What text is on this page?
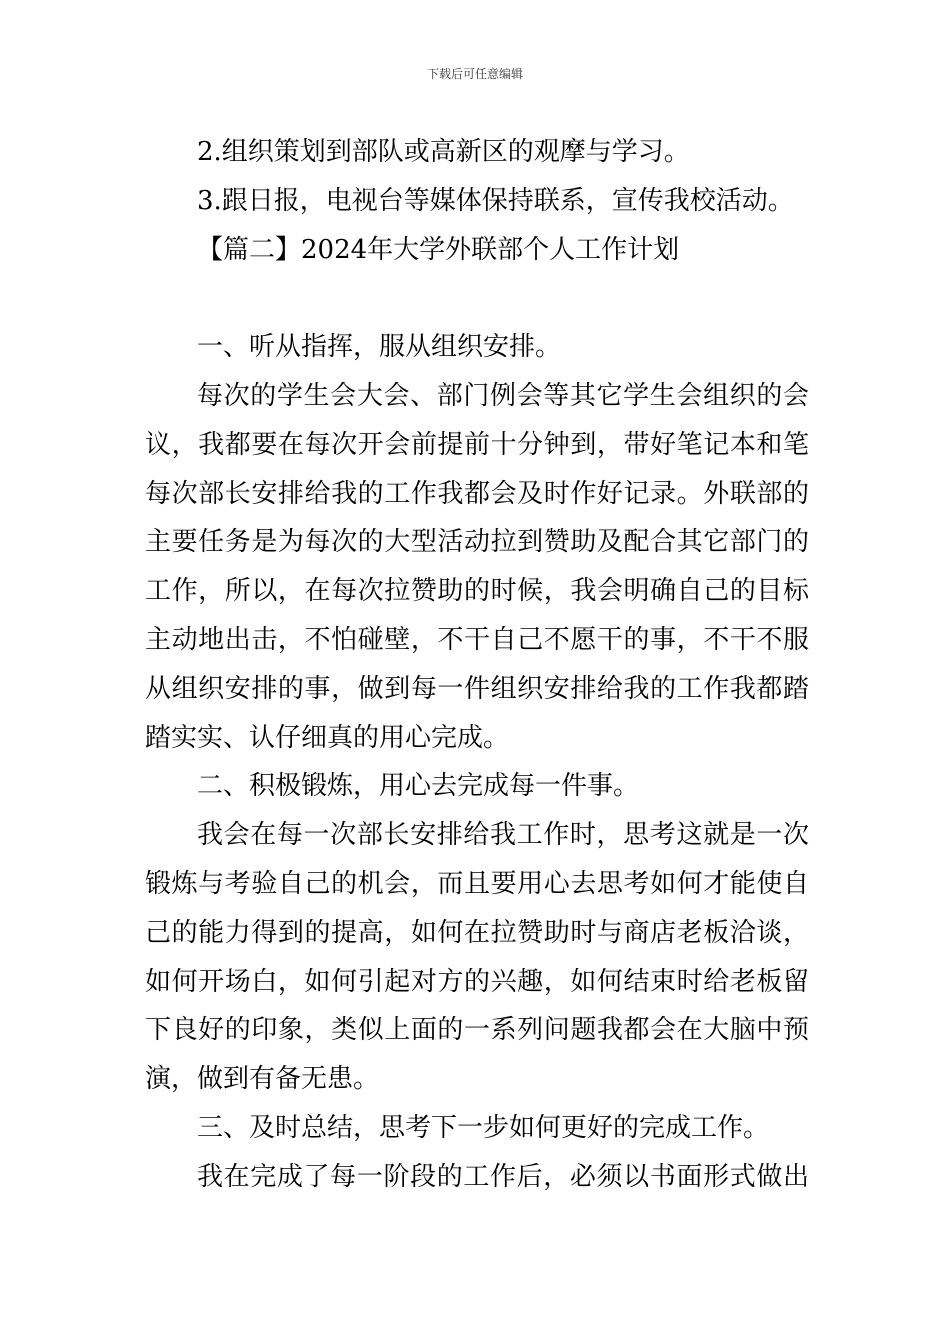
下载后可任意编辑
2.组织策划到部队或高新区的观摩与学习。
3.跟日报，电视台等媒体保持联系，宣传我校活动。
【篇二】2024年大学外联部个人工作计划
一、听从指挥，服从组织安排。
每次的学生会大会、部门例会等其它学生会组织的会
议，我都要在每次开会前提前十分钟到，带好笔记本和笔
每次部长安排给我的工作我都会及时作好记录。外联部的
主要任务是为每次的大型活动拉到赞助及配合其它部门的
工作，所以，在每次拉赞助的时候，我会明确自己的目标
主动地出击，不怕碰壁，不干自己不愿干的事，不干不服
从组织安排的事，做到每一件组织安排给我的工作我都踏
踏实实、认仔细真的用心完成。
二、积极锻炼，用心去完成每一件事。
我会在每一次部长安排给我工作时，思考这就是一次
锻炼与考验自己的机会，而且要用心去思考如何才能使自
己的能力得到的提高，如何在拉赞助时与商店老板洽谈，
如何开场白，如何引起对方的兴趣，如何结束时给老板留
下良好的印象，类似上面的一系列问题我都会在大脑中预
演，做到有备无患。
三、及时总结，思考下一步如何更好的完成工作。
我在完成了每一阶段的工作后，必须以书面形式做出
